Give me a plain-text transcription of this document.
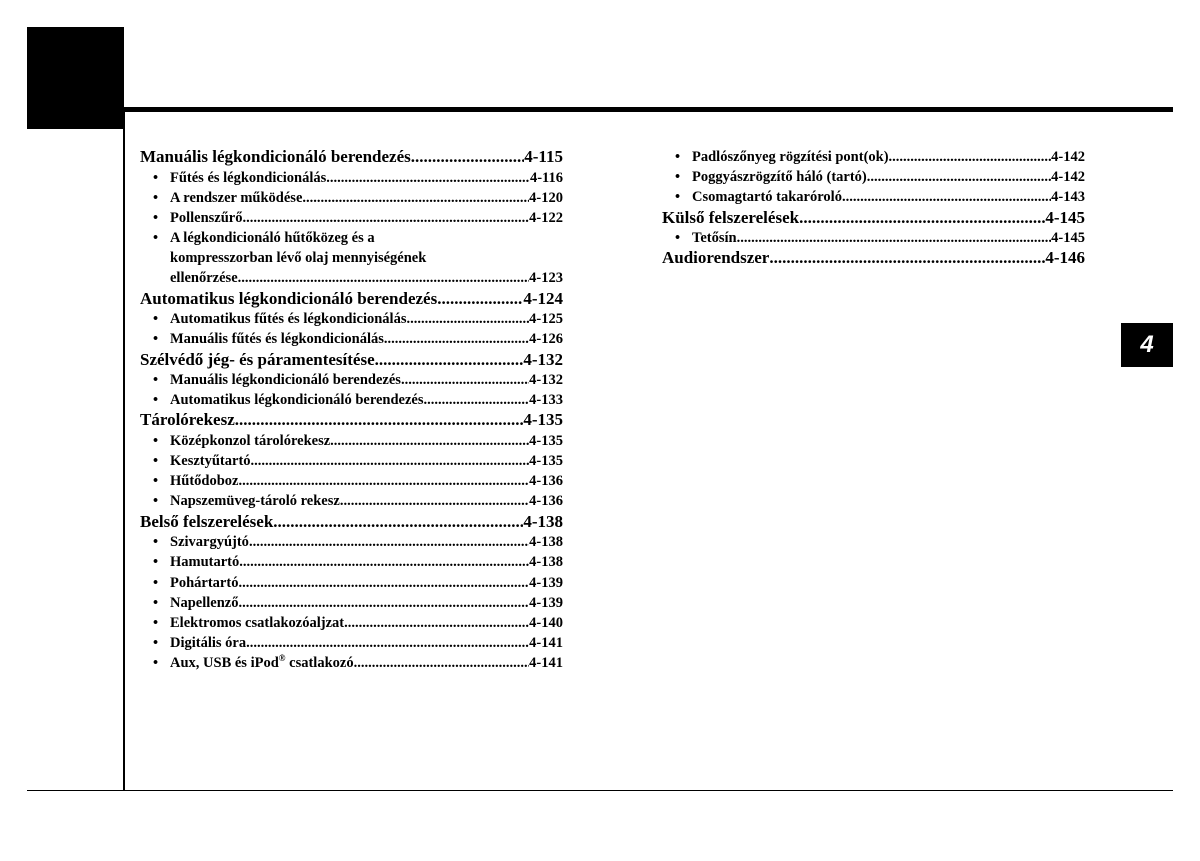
Manuális légkondicionáló berendezés .....	4-115
• Fűtés és légkondicionálás .....	4-116
• A rendszer működése .....	4-120
• Pollenszűrő .....	4-122
• A légkondicionáló hűtőközeg és a
kompresszorban lévő olaj mennyiségének
ellenőrzése .....	4-123
Automatikus légkondicionáló berendezés .....	4-124
• Automatikus fűtés és légkondicionálás .....	4-125
• Manuális fűtés és légkondicionálás .....	4-126
Szélvédő jég- és páramentesítése .....	4-132
• Manuális légkondicionáló berendezés .....	4-132
• Automatikus légkondicionáló berendezés .....	4-133
Tárolórekesz .....	4-135
• Középkonzol tárolórekesz .....	4-135
• Kesztyűtartó .....	4-135
• Hűtődoboz .....	4-136
• Napszemüveg-tároló rekesz .....	4-136
Belső felszerelések .....	4-138
• Szivargyújtó .....	4-138
• Hamutartó .....	4-138
• Pohártartó .....	4-139
• Napellenző .....	4-139
• Elektromos csatlakozóaljzat .....	4-140
• Digitális óra .....	4-141
• Aux, USB és iPod® csatlakozó .....	4-141
• Padlószőnyeg rögzítési pont(ok) .....	4-142
• Poggyászrögzítő háló (tartó) .....	4-142
• Csomagtartó takaróroló .....	4-143
Külső felszerelések .....	4-145
• Tetősín .....	4-145
Audiorendszer .....	4-146
4
